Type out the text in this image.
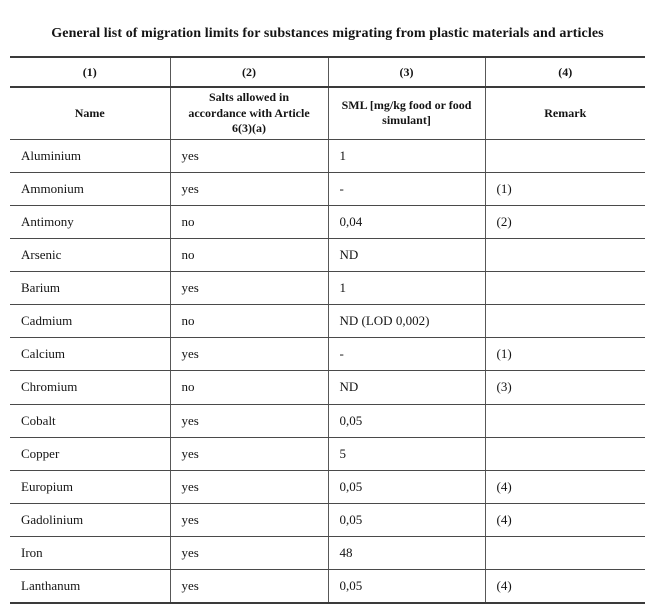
General list of migration limits for substances migrating from plastic materials and articles
(1)	(2)	(3)	(4)
Name	Salts allowed in accordance with Article 6(3)(a)	SML [mg/kg food or food simulant]	Remark
Aluminium	yes	1	
Ammonium	yes	-	(1)
Antimony	no	0,04	(2)
Arsenic	no	ND	
Barium	yes	1	
Cadmium	no	ND (LOD 0,002)	
Calcium	yes	-	(1)
Chromium	no	ND	(3)
Cobalt	yes	0,05	
Copper	yes	5	
Europium	yes	0,05	(4)
Gadolinium	yes	0,05	(4)
Iron	yes	48	
Lanthanum	yes	0,05	(4)
